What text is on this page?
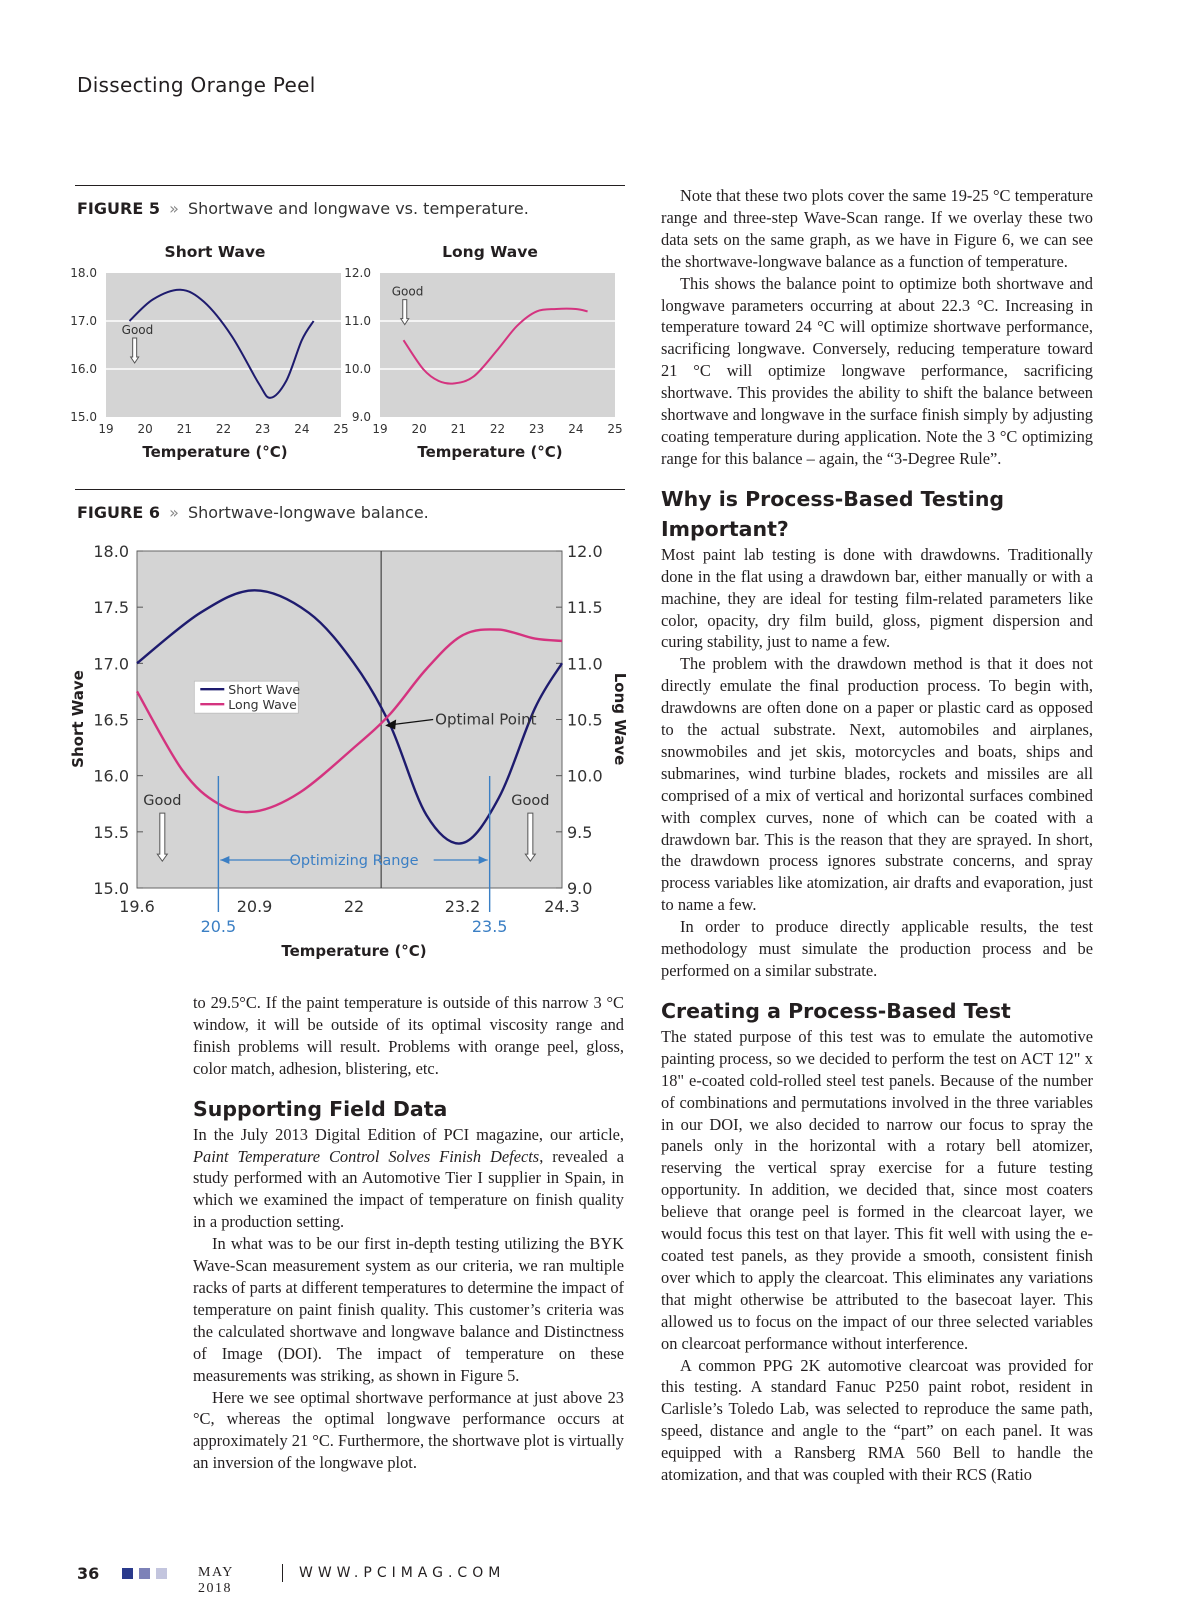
Dissecting Orange Peel
FIGURE 5 » Shortwave and longwave vs. temperature.
Short Wave
15.0
16.0
17.0
18.0
19 20 21 22 23 24 25
Good
Temperature (°C)
Long Wave
9.0
10.0
11.0
12.0
19 20 21 22 23 24 25
Good
Temperature (°C)
FIGURE 6 » Shortwave-longwave balance.
15.0
15.5
16.0
16.5
17.0
17.5
18.0
9.0
9.5
10.0
10.5
11.0
11.5
12.0
19.6	20.9	22	23.2	24.3
20.5	23.5
Optimizing Range
Good	Good
Short Wave
Long Wave
Optimal Point
Short Wave	Long Wave
Temperature (°C)

to 29.5°C. If the paint temperature is outside of this narrow 3 °C window, it will be outside of its optimal viscosity range and finish problems will result. Problems with orange peel, gloss, color match, adhesion, blistering, etc.

Supporting Field Data

In the July 2013 Digital Edition of PCI magazine, our article, Paint Temperature Control Solves Finish Defects, revealed a study performed with an Automotive Tier I supplier in Spain, in which we examined the impact of temperature on finish quality in a production setting.

In what was to be our first in-depth testing utilizing the BYK Wave-Scan measurement system as our criteria, we ran multiple racks of parts at different temperatures to determine the impact of temperature on paint finish quality. This customer’s criteria was the calculated shortwave and longwave balance and Distinctness of Image (DOI). The impact of temperature on these measurements was striking, as shown in Figure 5.

Here we see optimal shortwave performance at just above 23 °C, whereas the optimal longwave performance occurs at approximately 21 °C. Furthermore, the shortwave plot is virtually an inversion of the longwave plot.

Note that these two plots cover the same 19-25 °C temperature range and three-step Wave-Scan range. If we overlay these two data sets on the same graph, as we have in Figure 6, we can see the shortwave-longwave balance as a function of temperature.

This shows the balance point to optimize both shortwave and longwave parameters occurring at about 22.3 °C. Increasing in temperature toward 24 °C will optimize shortwave performance, sacrificing longwave. Conversely, reducing temperature toward 21 °C will optimize longwave performance, sacrificing shortwave. This provides the ability to shift the balance between shortwave and longwave in the surface finish simply by adjusting coating temperature during application. Note the 3 °C optimizing range for this balance – again, the “3-Degree Rule”.

Why is Process-Based Testing Important?

Most paint lab testing is done with drawdowns. Traditionally done in the flat using a drawdown bar, either manually or with a machine, they are ideal for testing film-related parameters like color, opacity, dry film build, gloss, pigment dispersion and curing stability, just to name a few.

The problem with the drawdown method is that it does not directly emulate the final production process. To begin with, drawdowns are often done on a paper or plastic card as opposed to the actual substrate. Next, automobiles and airplanes, snowmobiles and jet skis, motorcycles and boats, ships and submarines, wind turbine blades, rockets and missiles are all comprised of a mix of vertical and horizontal surfaces combined with complex curves, none of which can be coated with a drawdown bar. This is the reason that they are sprayed. In short, the drawdown process ignores substrate concerns, and spray process variables like atomization, air drafts and evaporation, just to name a few.

In order to produce directly applicable results, the test methodology must simulate the production process and be performed on a similar substrate.

Creating a Process-Based Test

The stated purpose of this test was to emulate the automotive painting process, so we decided to perform the test on ACT 12" x 18" e-coated cold-rolled steel test panels. Because of the number of combinations and permutations involved in the three variables in our DOI, we also decided to narrow our focus to spray the panels only in the horizontal with a rotary bell atomizer, reserving the vertical spray exercise for a future testing opportunity. In addition, we decided that, since most coaters believe that orange peel is formed in the clearcoat layer, we would focus this test on that layer. This fit well with using the e-coated test panels, as they provide a smooth, consistent finish over which to apply the clearcoat. This eliminates any variations that might otherwise be attributed to the basecoat layer. This allowed us to focus on the impact of our three selected variables on clearcoat performance without interference.

A common PPG 2K automotive clearcoat was provided for this testing. A standard Fanuc P250 paint robot, resident in Carlisle’s Toledo Lab, was selected to reproduce the same path, speed, distance and angle to the “part” on each panel. It was equipped with a Ransberg RMA 560 Bell to handle the atomization, and that was coupled with their RCS (Ratio

36	MAY 2018
WWW.PCIMAG.COM
